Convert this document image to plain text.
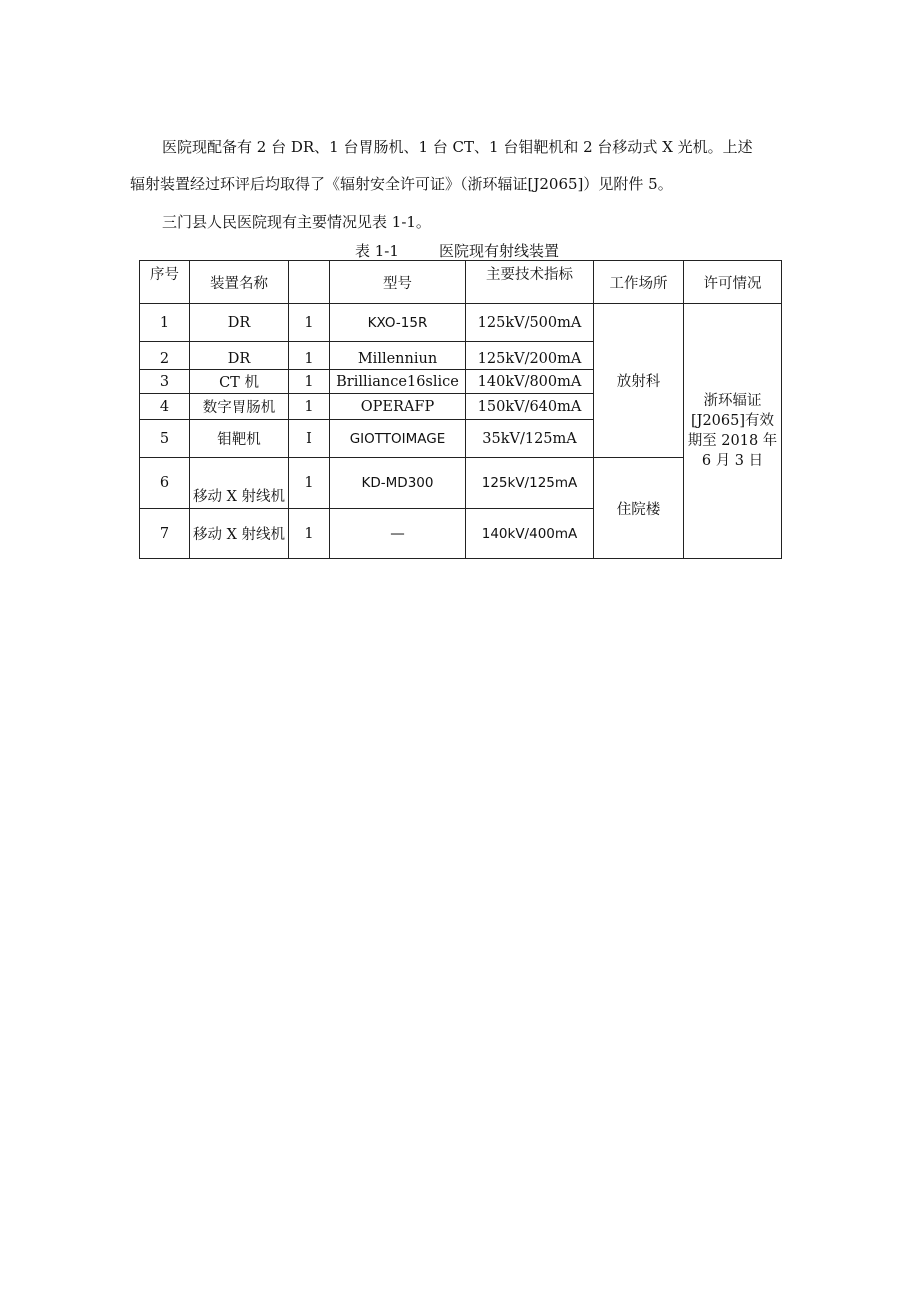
医院现配备有 2 台 DR、1 台胃肠机、1 台 CT、1 台钼靶机和 2 台移动式 X 光机。上述

辐射装置经过环评后均取得了《辐射安全许可证》（浙环辐证[J2065]）见附件 5。

三门县人民医院现有主要情况见表 1-1。

表 1-1	医院现有射线装置
序号	装置名称		型号	主要技术指标	工作场所	许可情况
1	DR	1	KXO-15R	125kV/500mA	放射科	浙环辐证[J2065]有效期至 2018 年 6 月 3 日
2	DR	1	Millenniun	125kV/200mA		
3	CT 机	1	Brilliance16slice	140kV/800mA		
4	数字胃肠机	1	OPERAFP	150kV/640mA		
5	钼靶机	I	GIOTTOIMAGE	35kV/125mA		
6	移动 X 射线机	1	KD-MD300	125kV/125mA	住院楼	
7	移动 X 射线机	1	—	140kV/400mA		
